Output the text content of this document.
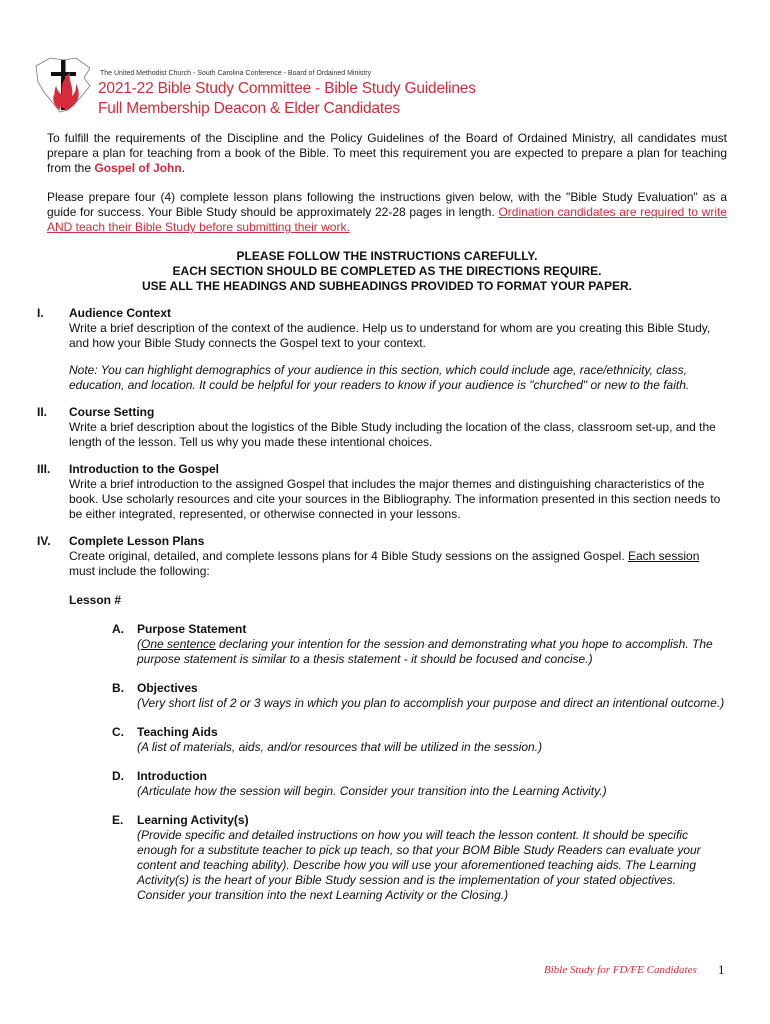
The United Methodist Church - South Carolina Conference - Board of Ordained Ministry
2021-22 Bible Study Committee - Bible Study Guidelines
Full Membership Deacon & Elder Candidates

To fulfill the requirements of the Discipline and the Policy Guidelines of the Board of Ordained Ministry, all candidates must prepare a plan for teaching from a book of the Bible. To meet this requirement you are expected to prepare a plan for teaching from the Gospel of John.

Please prepare four (4) complete lesson plans following the instructions given below, with the "Bible Study Evaluation" as a guide for success. Your Bible Study should be approximately 22-28 pages in length. Ordination candidates are required to write AND teach their Bible Study before submitting their work.

PLEASE FOLLOW THE INSTRUCTIONS CAREFULLY.
EACH SECTION SHOULD BE COMPLETED AS THE DIRECTIONS REQUIRE.
USE ALL THE HEADINGS AND SUBHEADINGS PROVIDED TO FORMAT YOUR PAPER.
I. Audience Context
Write a brief description of the context of the audience. Help us to understand for whom are you creating this Bible Study, and how your Bible Study connects the Gospel text to your context.
Note: You can highlight demographics of your audience in this section, which could include age, race/ethnicity, class, education, and location. It could be helpful for your readers to know if your audience is "churched" or new to the faith.
II. Course Setting
Write a brief description about the logistics of the Bible Study including the location of the class, classroom set-up, and the length of the lesson. Tell us why you made these intentional choices.
III. Introduction to the Gospel
Write a brief introduction to the assigned Gospel that includes the major themes and distinguishing characteristics of the book. Use scholarly resources and cite your sources in the Bibliography. The information presented in this section needs to be either integrated, represented, or otherwise connected in your lessons.
IV. Complete Lesson Plans
Create original, detailed, and complete lessons plans for 4 Bible Study sessions on the assigned Gospel. Each session must include the following:
Lesson #
A. Purpose Statement
(One sentence declaring your intention for the session and demonstrating what you hope to accomplish. The purpose statement is similar to a thesis statement - it should be focused and concise.)
B. Objectives
(Very short list of 2 or 3 ways in which you plan to accomplish your purpose and direct an intentional outcome.)
C. Teaching Aids
(A list of materials, aids, and/or resources that will be utilized in the session.)
D. Introduction
(Articulate how the session will begin. Consider your transition into the Learning Activity.)
E. Learning Activity(s)
(Provide specific and detailed instructions on how you will teach the lesson content. It should be specific enough for a substitute teacher to pick up teach, so that your BOM Bible Study Readers can evaluate your content and teaching ability). Describe how you will use your aforementioned teaching aids. The Learning Activity(s) is the heart of your Bible Study session and is the implementation of your stated objectives. Consider your transition into the next Learning Activity or the Closing.)
Bible Study for FD/FE Candidates 1
